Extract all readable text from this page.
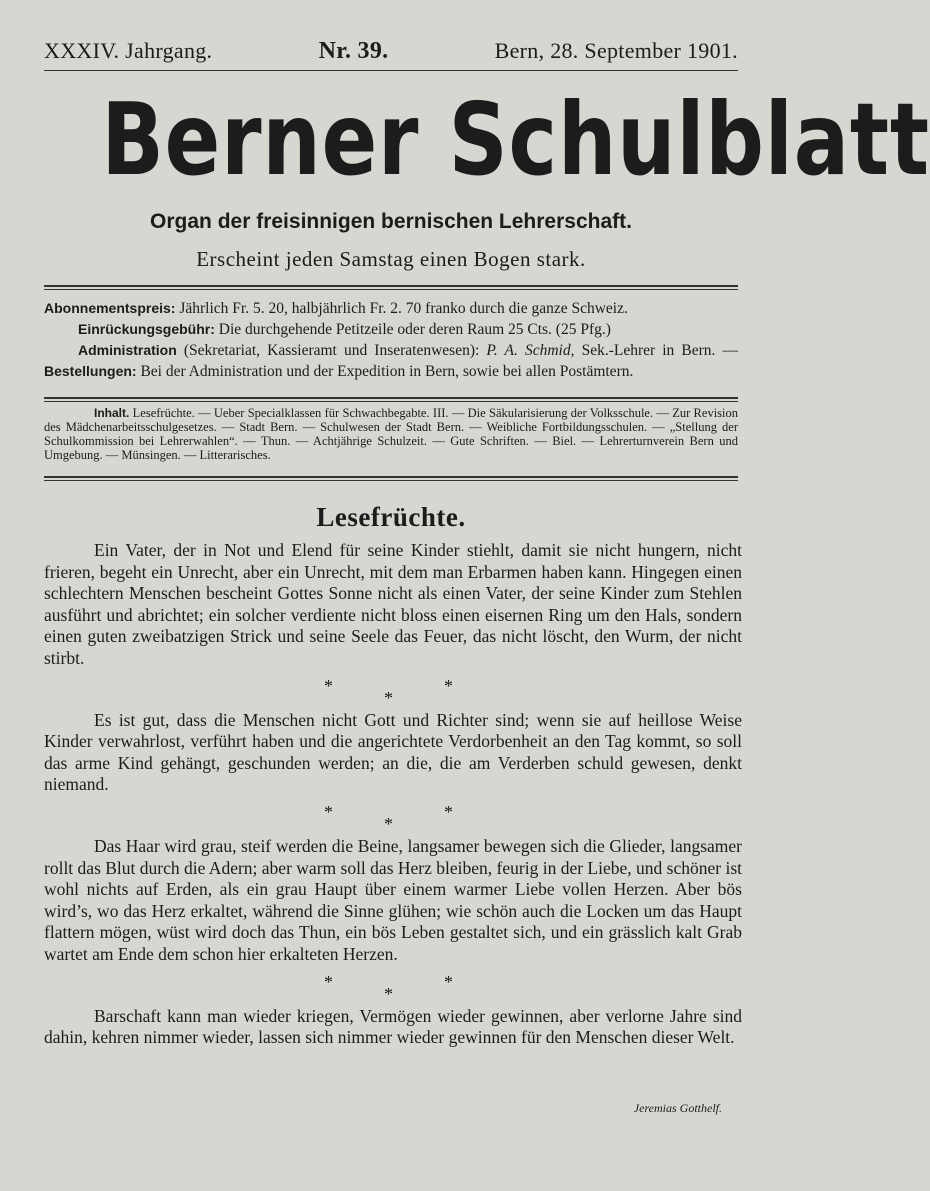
XXXIV. Jahrgang.	Nr. 39.	Bern, 28. September 1901.
Berner Schulblatt
Organ der freisinnigen bernischen Lehrerschaft.
Erscheint jeden Samstag einen Bogen stark.
Abonnementspreis: Jährlich Fr. 5. 20, halbjährlich Fr. 2. 70 franko durch die ganze Schweiz.
Einrückungsgebühr: Die durchgehende Petitzeile oder deren Raum 25 Cts. (25 Pfg.)
Administration (Sekretariat, Kassieramt und Inseratenwesen): P. A. Schmid, Sek.-Lehrer in Bern. — Bestellungen: Bei der Administration und der Expedition in Bern, sowie bei allen Postämtern.
Inhalt. Lesefrüchte. — Ueber Specialklassen für Schwachbegabte. III. — Die Säkularisierung der Volksschule. — Zur Revision des Mädchenarbeitsschulgesetzes. — Stadt Bern. — Schulwesen der Stadt Bern. — Weibliche Fortbildungsschulen. — „Stellung der Schulkommission bei Lehrerwahlen“. — Thun. — Achtjährige Schulzeit. — Gute Schriften. — Biel. — Lehrerturnverein Bern und Umgebung. — Münsingen. — Litterarisches.
Lesefrüchte.

Ein Vater, der in Not und Elend für seine Kinder stiehlt, damit sie nicht hungern, nicht frieren, begeht ein Unrecht, aber ein Unrecht, mit dem man Erbarmen haben kann. Hingegen einen schlechtern Menschen bescheint Gottes Sonne nicht als einen Vater, der seine Kinder zum Stehlen ausführt und abrichtet; ein solcher verdiente nicht bloss einen eisernen Ring um den Hals, sondern einen guten zweibatzigen Strick und seine Seele das Feuer, das nicht löscht, den Wurm, der nicht stirbt.

*
*
*

Es ist gut, dass die Menschen nicht Gott und Richter sind; wenn sie auf heillose Weise Kinder verwahrlost, verführt haben und die angerichtete Verdorbenheit an den Tag kommt, so soll das arme Kind gehängt, geschunden werden; an die, die am Verderben schuld gewesen, denkt niemand.

*
*
*

Das Haar wird grau, steif werden die Beine, langsamer bewegen sich die Glieder, langsamer rollt das Blut durch die Adern; aber warm soll das Herz bleiben, feurig in der Liebe, und schöner ist wohl nichts auf Erden, als ein grau Haupt über einem warmer Liebe vollen Herzen. Aber bös wird’s, wo das Herz erkaltet, während die Sinne glühen; wie schön auch die Locken um das Haupt flattern mögen, wüst wird doch das Thun, ein bös Leben gestaltet sich, und ein grässlich kalt Grab wartet am Ende dem schon hier erkalteten Herzen.

*
*
*

Barschaft kann man wieder kriegen, Vermögen wieder gewinnen, aber verlorne Jahre sind dahin, kehren nimmer wieder, lassen sich nimmer wieder gewinnen für den Menschen dieser Welt.

Jeremias Gotthelf.
